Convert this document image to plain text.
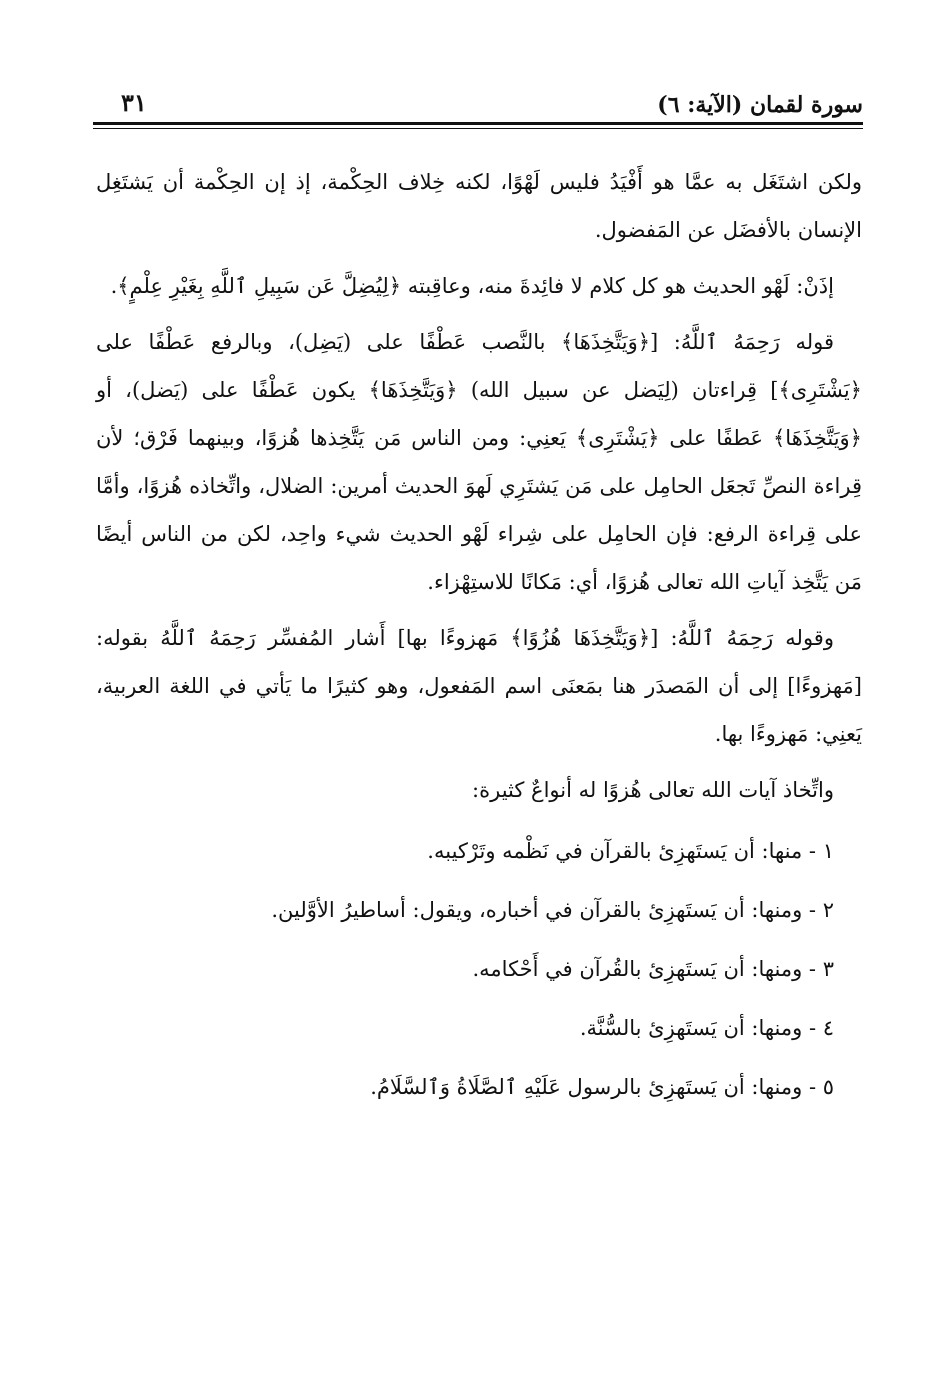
سورة لقمان (الآية: ٦)
٣١

ولكن اشتَغَل به عمَّا هو أَفْيَدُ فليس لَهْوًا، لكنه خِلاف الحِكْمة، إذ إن الحِكْمة أن يَشتَغِل الإنسان بالأفضَل عن المَفضول.

إذَنْ: لَهْو الحديث هو كل كلام لا فائِدةَ منه، وعاقِبته ﴿لِيُضِلَّ عَن سَبِيلِ ٱللَّهِ بِغَيْرِ عِلْمٍ﴾.

قوله رَحِمَهُ ٱللَّهُ: [﴿وَيَتَّخِذَهَا﴾ بالنَّصب عَطْفًا على (يَضِل)، وبالرفع عَطْفًا على ﴿يَشْتَرِى﴾] قِراءتان (لِيَضل عن سبيل الله) ﴿وَيَتَّخِذَهَا﴾ يكون عَطْفًا على (يَضل)، أو ﴿وَيَتَّخِذَهَا﴾ عَطفًا على ﴿يَشْتَرِى﴾ يَعنِي: ومن الناس مَن يَتَّخِذها هُزوًا، وبينهما فَرْق؛ لأن قِراءة النصِّ تَجعَل الحامِل على مَن يَشتَرِي لَهوَ الحديث أمرين: الضلال، واتِّخاذه هُزوًا، وأمَّا على قِراءة الرفع: فإن الحامِل على شِراء لَهْو الحديث شيء واحِد، لكن من الناس أيضًا مَن يَتَّخِذ آياتِ الله تعالى هُزوًا، أي: مَكانًا للاستِهْزاء.

وقوله رَحِمَهُ ٱللَّهُ: [﴿وَيَتَّخِذَهَا هُزُوًا﴾ مَهزوءًا بها] أَشار المُفسِّر رَحِمَهُ ٱللَّهُ بقوله: [مَهزوءًا] إلى أن المَصدَر هنا بمَعنَى اسم المَفعول، وهو كثيرًا ما يَأتي في اللغة العربية، يَعنِي: مَهزوءًا بها.

واتِّخاذ آيات الله تعالى هُزوًا له أنواعٌ كثيرة:

١ - منها: أن يَستَهزِئ بالقرآن في نَظْمه وتَرْكيبه.
٢ - ومنها: أن يَستَهزِئ بالقرآن في أخباره، ويقول: أساطيرُ الأوَّلين.
٣ - ومنها: أن يَستَهزِئ بالقُرآن في أَحْكامه.
٤ - ومنها: أن يَستَهزِئ بالسُّنَّة.
٥ - ومنها: أن يَستَهزِئ بالرسول عَلَيْهِ ٱلصَّلَاةُ وَٱلسَّلَامُ.
